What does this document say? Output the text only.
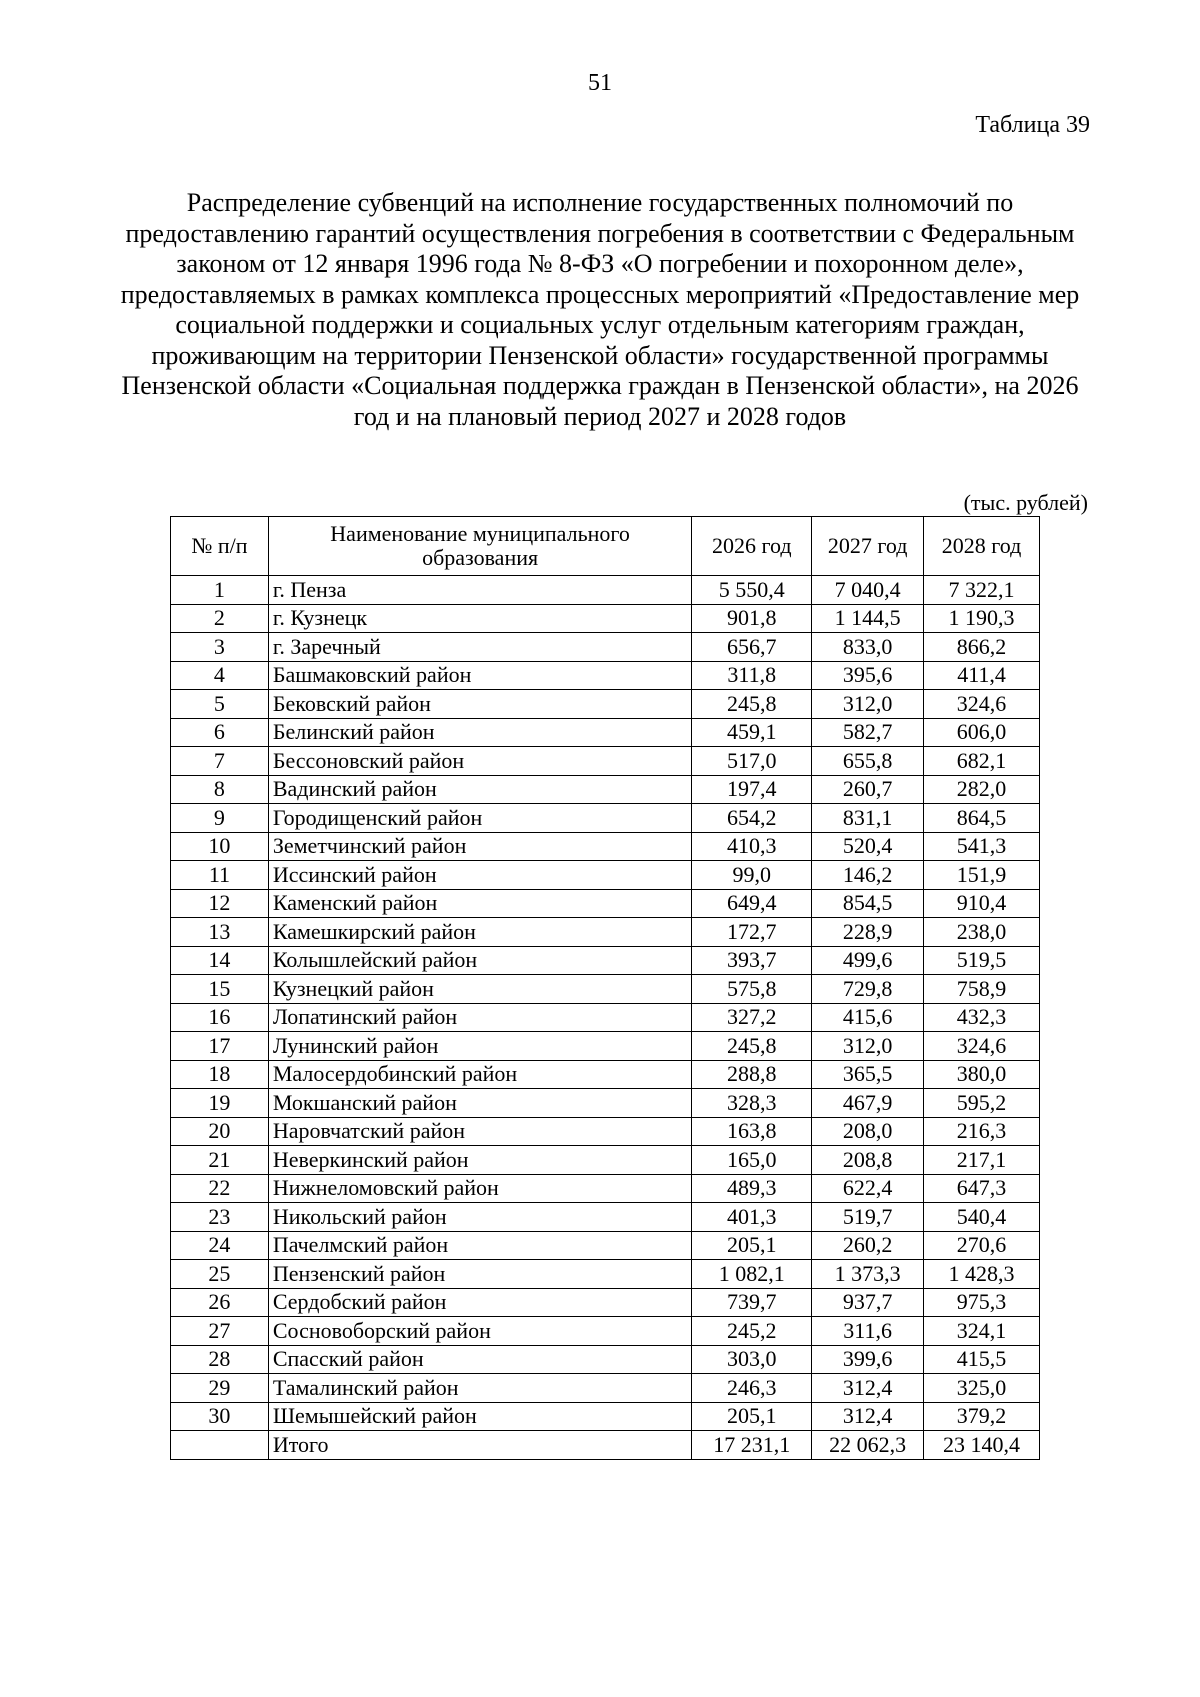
51
Таблица 39
Распределение субвенций на исполнение государственных полномочий по предоставлению гарантий осуществления погребения в соответствии с Федеральным законом от 12 января 1996 года № 8-ФЗ «О погребении и похоронном деле», предоставляемых в рамках комплекса процессных мероприятий «Предоставление мер социальной поддержки и социальных услуг отдельным категориям граждан, проживающим на территории Пензенской области» государственной программы Пензенской области «Социальная поддержка граждан в Пензенской области», на 2026 год и на плановый период 2027 и 2028 годов
(тыс. рублей)
№ п/п	Наименование муниципального образования	2026 год	2027 год	2028 год
1	г. Пенза	5 550,4	7 040,4	7 322,1
2	г. Кузнецк	901,8	1 144,5	1 190,3
3	г. Заречный	656,7	833,0	866,2
4	Башмаковский район	311,8	395,6	411,4
5	Бековский район	245,8	312,0	324,6
6	Белинский район	459,1	582,7	606,0
7	Бессоновский район	517,0	655,8	682,1
8	Вадинский район	197,4	260,7	282,0
9	Городищенский район	654,2	831,1	864,5
10	Земетчинский район	410,3	520,4	541,3
11	Иссинский район	99,0	146,2	151,9
12	Каменский район	649,4	854,5	910,4
13	Камешкирский район	172,7	228,9	238,0
14	Колышлейский район	393,7	499,6	519,5
15	Кузнецкий район	575,8	729,8	758,9
16	Лопатинский район	327,2	415,6	432,3
17	Лунинский район	245,8	312,0	324,6
18	Малосердобинский район	288,8	365,5	380,0
19	Мокшанский район	328,3	467,9	595,2
20	Наровчатский район	163,8	208,0	216,3
21	Неверкинский район	165,0	208,8	217,1
22	Нижнеломовский район	489,3	622,4	647,3
23	Никольский район	401,3	519,7	540,4
24	Пачелмский район	205,1	260,2	270,6
25	Пензенский район	1 082,1	1 373,3	1 428,3
26	Сердобский район	739,7	937,7	975,3
27	Сосновоборский район	245,2	311,6	324,1
28	Спасский район	303,0	399,6	415,5
29	Тамалинский район	246,3	312,4	325,0
30	Шемышейский район	205,1	312,4	379,2
	Итого	17 231,1	22 062,3	23 140,4
